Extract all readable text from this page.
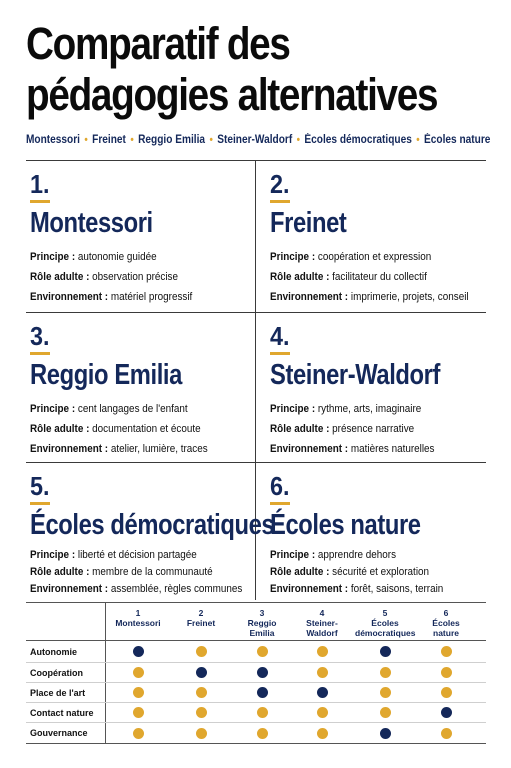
Comparatif des
pédagogies alternatives
Montessori • Freinet • Reggio Emilia • Steiner-Waldorf • Écoles démocratiques • Écoles nature
1.
Montessori
Principe : autonomie guidée
Rôle adulte : observation précise
Environnement : matériel progressif
2.
Freinet
Principe : coopération et expression
Rôle adulte : facilitateur du collectif
Environnement : imprimerie, projets, conseil
3.
Reggio Emilia
Principe : cent langages de l'enfant
Rôle adulte : documentation et écoute
Environnement : atelier, lumière, traces
4.
Steiner-Waldorf
Principe : rythme, arts, imaginaire
Rôle adulte : présence narrative
Environnement : matières naturelles
5.
Écoles démocratiques
Principe : liberté et décision partagée
Rôle adulte : membre de la communauté
Environnement : assemblée, règles communes
6.
Écoles nature
Principe : apprendre dehors
Rôle adulte : sécurité et exploration
Environnement : forêt, saisons, terrain
1
Montessori
2
Freinet
3
Reggio
Emilia
4
Steiner-
Waldorf
5
Écoles
démocratiques
6
Écoles
nature
Autonomie
Coopération
Place de l'art
Contact nature
Gouvernance
